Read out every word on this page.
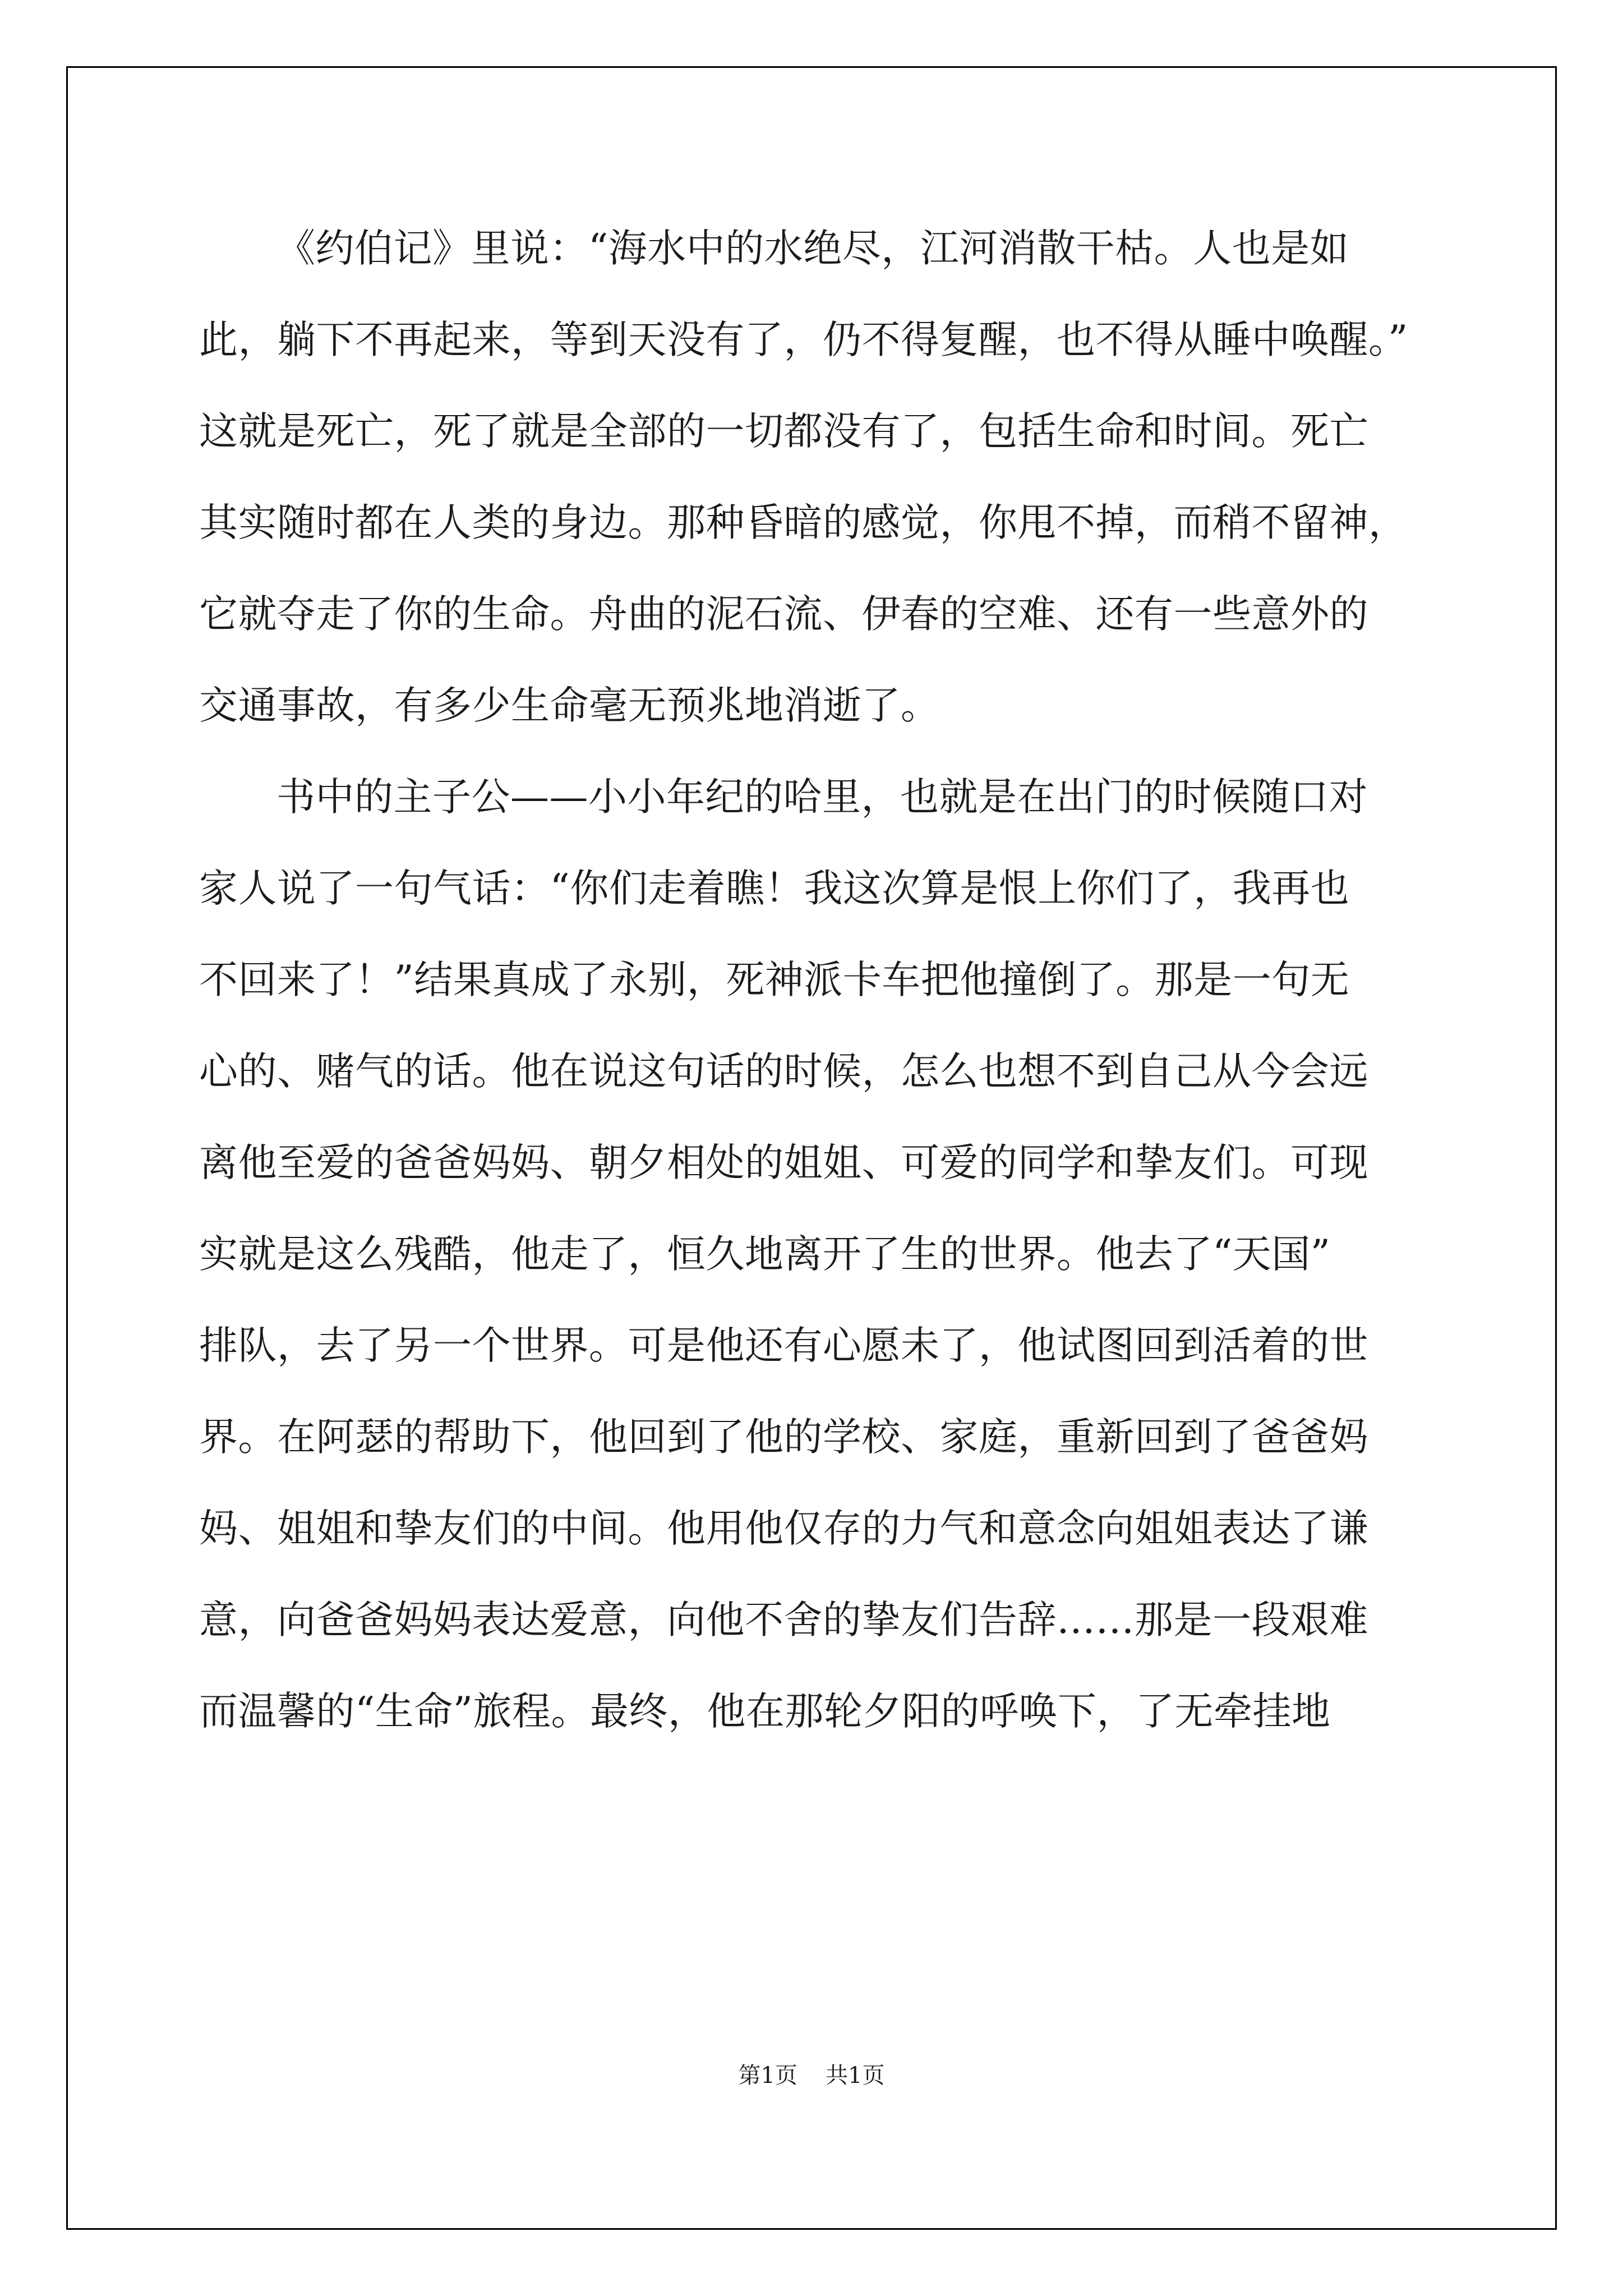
《约伯记》里说：“海水中的水绝尽，江河消散干枯。人也是如
此，躺下不再起来，等到天没有了，仍不得复醒，也不得从睡中唤醒。”
这就是死亡，死了就是全部的一切都没有了，包括生命和时间。死亡
其实随时都在人类的身边。那种昏暗的感觉，你甩不掉，而稍不留神，
它就夺走了你的生命。舟曲的泥石流、伊春的空难、还有一些意外的
交通事故，有多少生命毫无预兆地消逝了。
书中的主子公——小小年纪的哈里，也就是在出门的时候随口对
家人说了一句气话：“你们走着瞧！我这次算是恨上你们了，我再也
不回来了！”结果真成了永别，死神派卡车把他撞倒了。那是一句无
心的、赌气的话。他在说这句话的时候，怎么也想不到自己从今会远
离他至爱的爸爸妈妈、朝夕相处的姐姐、可爱的同学和挚友们。可现
实就是这么残酷，他走了，恒久地离开了生的世界。他去了“天国”
排队，去了另一个世界。可是他还有心愿未了，他试图回到活着的世
界。在阿瑟的帮助下，他回到了他的学校、家庭，重新回到了爸爸妈
妈、姐姐和挚友们的中间。他用他仅存的力气和意念向姐姐表达了谦
意，向爸爸妈妈表达爱意，向他不舍的挚友们告辞……那是一段艰难
而温馨的“生命”旅程。最终，他在那轮夕阳的呼唤下，了无牵挂地
第1页 共1页
